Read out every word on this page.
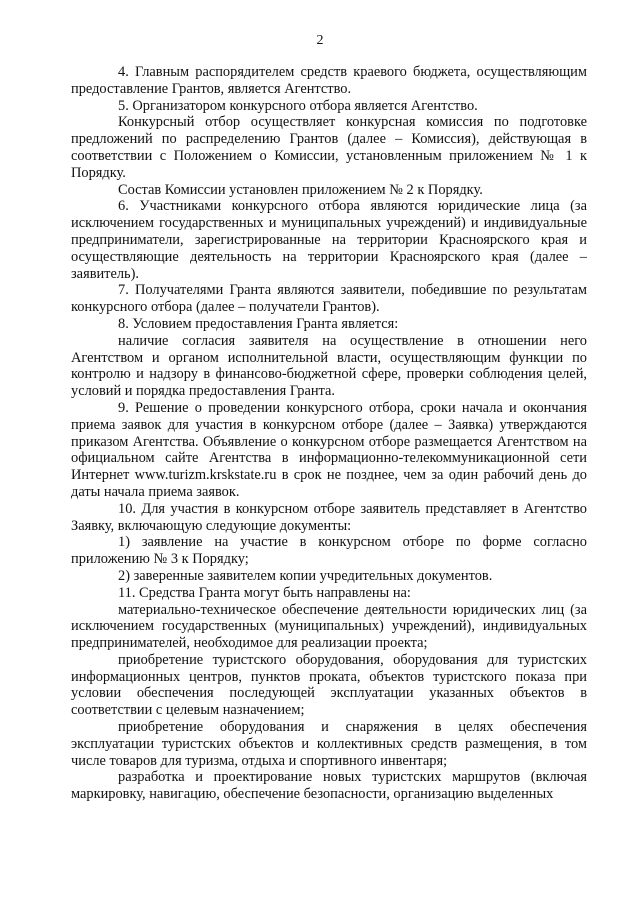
2

4. Главным распорядителем средств краевого бюджета, осуществляющим предоставление Грантов, является Агентство.

5. Организатором конкурсного отбора является Агентство.

Конкурсный отбор осуществляет конкурсная комиссия по подготовке предложений по распределению Грантов (далее – Комиссия), действующая в соответствии с Положением о Комиссии, установленным приложением № 1 к Порядку.

Состав Комиссии установлен приложением № 2 к Порядку.

6. Участниками конкурсного отбора являются юридические лица (за исключением государственных и муниципальных учреждений) и индивидуальные предприниматели, зарегистрированные на территории Красноярского края и осуществляющие деятельность на территории Красноярского края (далее – заявитель).

7. Получателями Гранта являются заявители, победившие по результатам конкурсного отбора (далее – получатели Грантов).

8. Условием предоставления Гранта является:

наличие согласия заявителя на осуществление в отношении него Агентством и органом исполнительной власти, осуществляющим функции по контролю и надзору в финансово-бюджетной сфере, проверки соблюдения целей, условий и порядка предоставления Гранта.

9. Решение о проведении конкурсного отбора, сроки начала и окончания приема заявок для участия в конкурсном отборе (далее – Заявка) утверждаются приказом Агентства. Объявление о конкурсном отборе размещается Агентством на официальном сайте Агентства в информационно-телекоммуникационной сети Интернет www.turizm.krskstate.ru в срок не позднее, чем за один рабочий день до даты начала приема заявок.

10. Для участия в конкурсном отборе заявитель представляет в Агентство Заявку, включающую следующие документы:

1) заявление на участие в конкурсном отборе по форме согласно приложению № 3 к Порядку;

2) заверенные заявителем копии учредительных документов.

11. Средства Гранта могут быть направлены на:

материально-техническое обеспечение деятельности юридических лиц (за исключением государственных (муниципальных) учреждений), индивидуальных предпринимателей, необходимое для реализации проекта;

приобретение туристского оборудования, оборудования для туристских информационных центров, пунктов проката, объектов туристского показа при условии обеспечения последующей эксплуатации указанных объектов в соответствии с целевым назначением;

приобретение оборудования и снаряжения в целях обеспечения эксплуатации туристских объектов и коллективных средств размещения, в том числе товаров для туризма, отдыха и спортивного инвентаря;

разработка и проектирование новых туристских маршрутов (включая маркировку, навигацию, обеспечение безопасности, организацию выделенных
